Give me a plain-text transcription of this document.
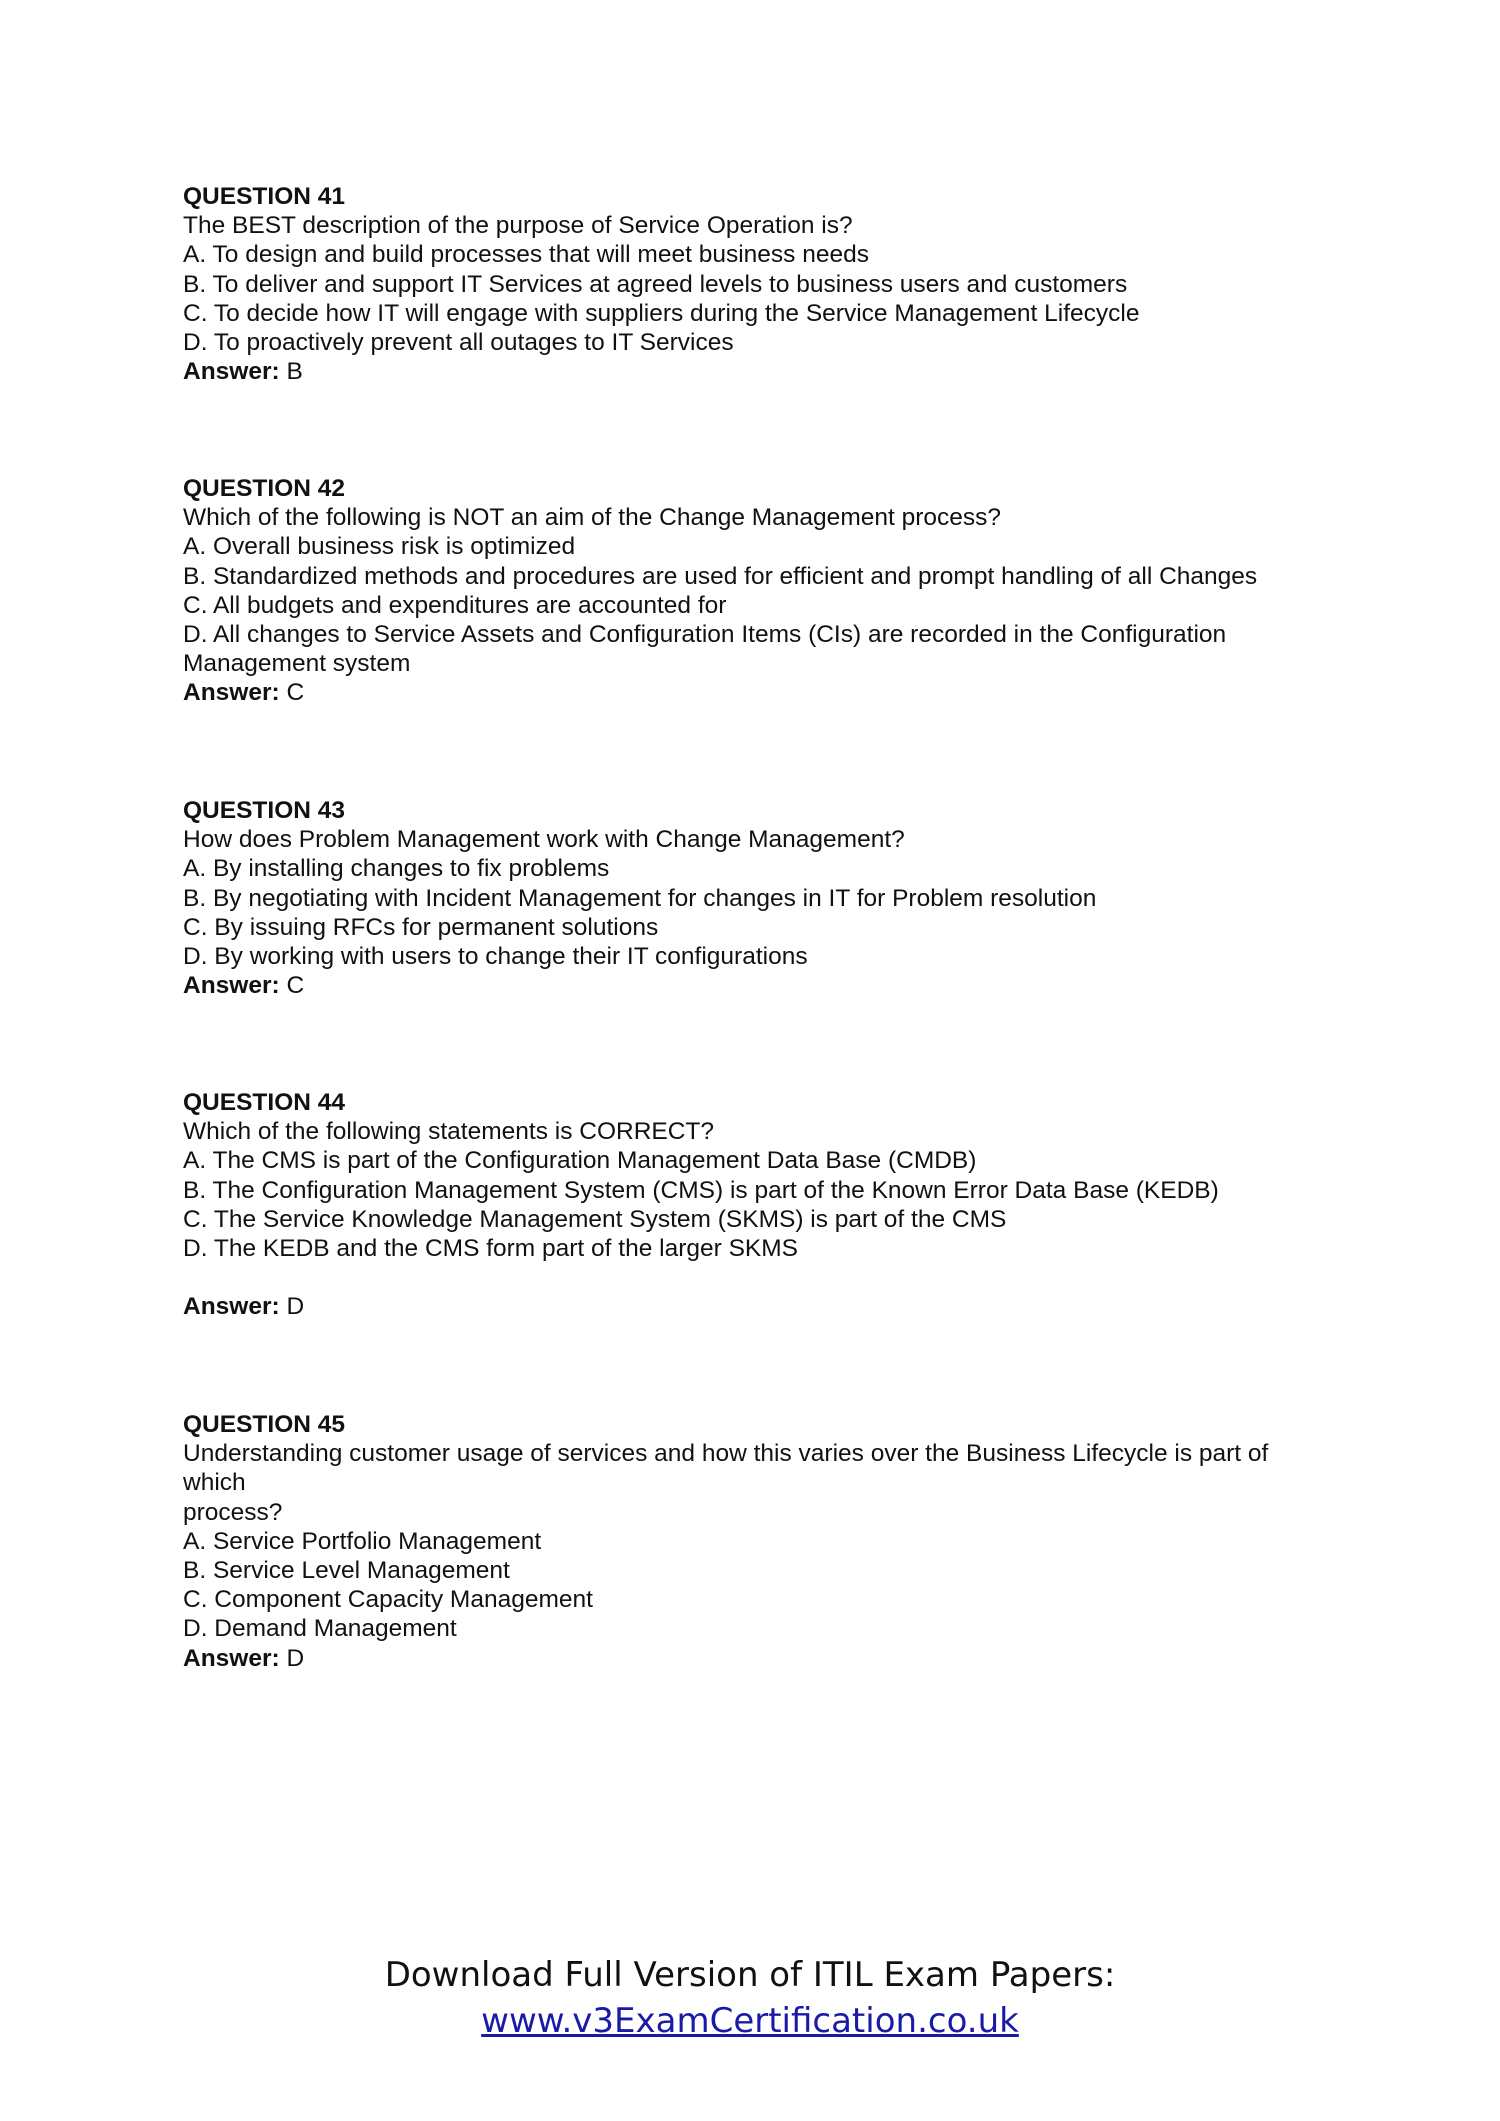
QUESTION 41
The BEST description of the purpose of Service Operation is?
A. To design and build processes that will meet business needs
B. To deliver and support IT Services at agreed levels to business users and customers
C. To decide how IT will engage with suppliers during the Service Management Lifecycle
D. To proactively prevent all outages to IT Services
Answer: B
QUESTION 42
Which of the following is NOT an aim of the Change Management process?
A. Overall business risk is optimized
B. Standardized methods and procedures are used for efficient and prompt handling of all Changes
C. All budgets and expenditures are accounted for
D. All changes to Service Assets and Configuration Items (CIs) are recorded in the Configuration
Management system
Answer: C
QUESTION 43
How does Problem Management work with Change Management?
A. By installing changes to fix problems
B. By negotiating with Incident Management for changes in IT for Problem resolution
C. By issuing RFCs for permanent solutions
D. By working with users to change their IT configurations
Answer: C
QUESTION 44
Which of the following statements is CORRECT?
A. The CMS is part of the Configuration Management Data Base (CMDB)
B. The Configuration Management System (CMS) is part of the Known Error Data Base (KEDB)
C. The Service Knowledge Management System (SKMS) is part of the CMS
D. The KEDB and the CMS form part of the larger SKMS
Answer: D
QUESTION 45
Understanding customer usage of services and how this varies over the Business Lifecycle is part of
which
process?
A. Service Portfolio Management
B. Service Level Management
C. Component Capacity Management
D. Demand Management
Answer: D
Download Full Version of ITIL Exam Papers:
www.v3ExamCertification.co.uk
